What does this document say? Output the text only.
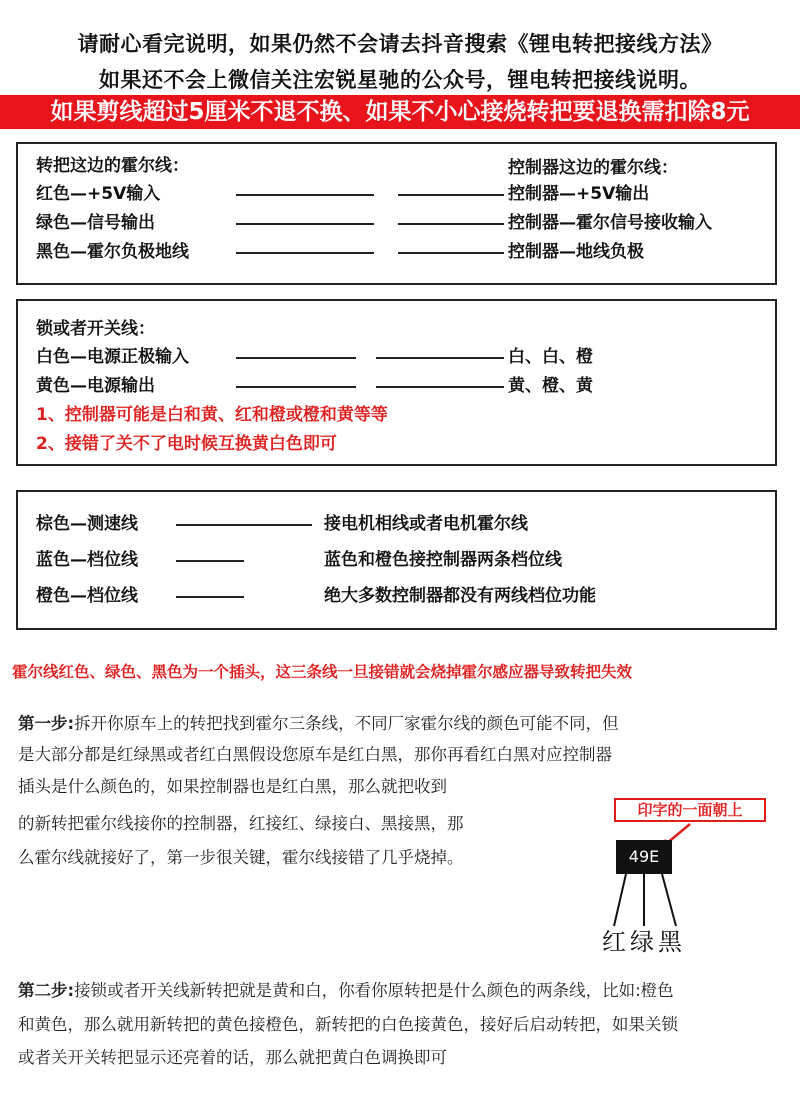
请耐心看完说明，如果仍然不会请去抖音搜索《锂电转把接线方法》
如果还不会上微信关注宏锐星驰的公众号，锂电转把接线说明。
如果剪线超过5厘米不退不换、如果不小心接烧转把要退换需扣除8元
转把这边的霍尔线：	控制器这边的霍尔线：
红色—+5V输入	控制器—+5V输出
绿色—信号输出	控制器—霍尔信号接收输入
黑色—霍尔负极地线	控制器—地线负极
锁或者开关线：
白色—电源正极输入	白、白、橙
黄色—电源输出	黄、橙、黄
1、控制器可能是白和黄、红和橙或橙和黄等等
2、接错了关不了电时候互换黄白色即可
棕色—测速线	接电机相线或者电机霍尔线
蓝色—档位线	蓝色和橙色接控制器两条档位线
橙色—档位线	绝大多数控制器都没有两线档位功能
霍尔线红色、绿色、黑色为一个插头，这三条线一旦接错就会烧掉霍尔感应器导致转把失效
第一步:拆开你原车上的转把找到霍尔三条线，不同厂家霍尔线的颜色可能不同，但
是大部分都是红绿黑或者红白黑假设您原车是红白黑，那你再看红白黑对应控制器
插头是什么颜色的，如果控制器也是红白黑，那么就把收到
的新转把霍尔线接你的控制器，红接红、绿接白、黑接黑，那
么霍尔线就接好了，第一步很关键，霍尔线接错了几乎烧掉。
印字的一面朝上
49E
红绿黑
第二步:接锁或者开关线新转把就是黄和白，你看你原转把是什么颜色的两条线，比如:橙色
和黄色，那么就用新转把的黄色接橙色，新转把的白色接黄色，接好后启动转把，如果关锁
或者关开关转把显示还亮着的话，那么就把黄白色调换即可
